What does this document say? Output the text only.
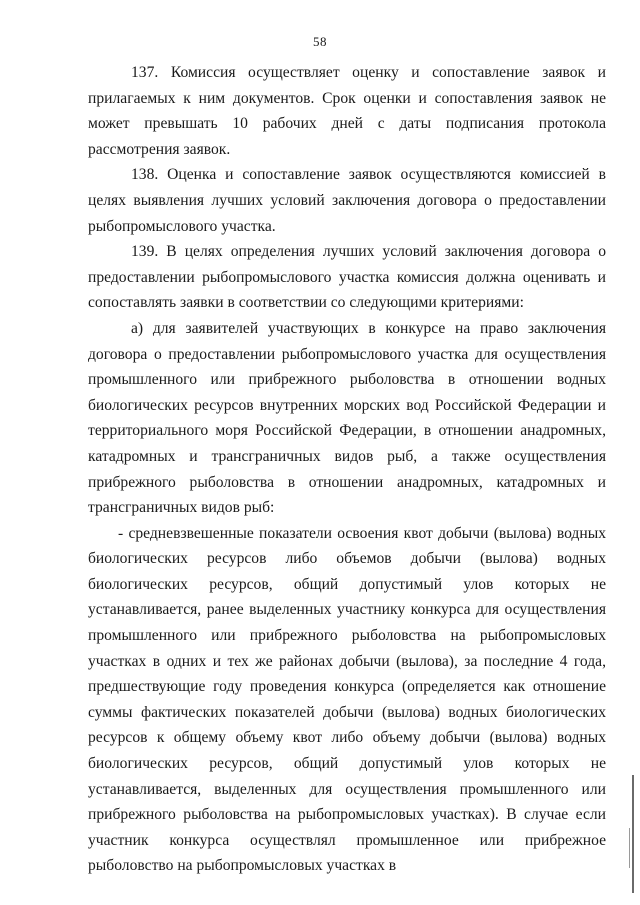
58

137. Комиссия осуществляет оценку и сопоставление заявок и прилагаемых к ним документов. Срок оценки и сопоставления заявок не может превышать 10 рабочих дней с даты подписания протокола рассмотрения заявок.

138. Оценка и сопоставление заявок осуществляются комиссией в целях выявления лучших условий заключения договора о предоставлении рыбопромыслового участка.

139. В целях определения лучших условий заключения договора о предоставлении рыбопромыслового участка комиссия должна оценивать и сопоставлять заявки в соответствии со следующими критериями:

а) для заявителей участвующих в конкурсе на право заключения договора о предоставлении рыбопромыслового участка для осуществления промышленного или прибрежного рыболовства в отношении водных биологических ресурсов внутренних морских вод Российской Федерации и территориального моря Российской Федерации, в отношении анадромных, катадромных и трансграничных видов рыб, а также осуществления прибрежного рыболовства в отношении анадромных, катадромных и трансграничных видов рыб:

- средневзвешенные показатели освоения квот добычи (вылова) водных биологических ресурсов либо объемов добычи (вылова) водных биологических ресурсов, общий допустимый улов которых не устанавливается, ранее выделенных участнику конкурса для осуществления промышленного или прибрежного рыболовства на рыбопромысловых участках в одних и тех же районах добычи (вылова), за последние 4 года, предшествующие году проведения конкурса (определяется как отношение суммы фактических показателей добычи (вылова) водных биологических ресурсов к общему объему квот либо объему добычи (вылова) водных биологических ресурсов, общий допустимый улов которых не устанавливается, выделенных для осуществления промышленного или прибрежного рыболовства на рыбопромысловых участках). В случае если участник конкурса осуществлял промышленное или прибрежное рыболовство на рыбопромысловых участках в
